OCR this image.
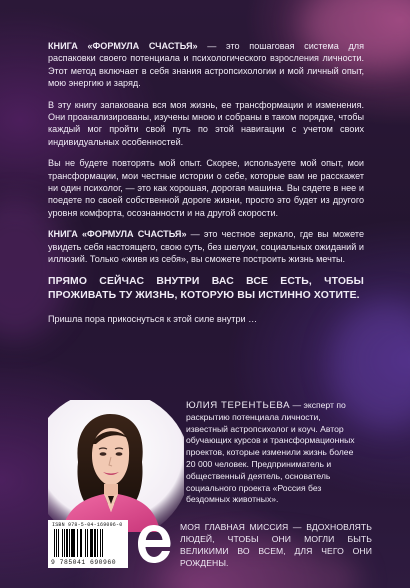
КНИГА «ФОРМУЛА СЧАСТЬЯ» — это пошаговая система для распаковки своего потенциала и психологического взросления личности. Этот метод включает в себя знания астропсихологии и мой личный опыт, мою энергию и заряд.

В эту книгу запакована вся моя жизнь, ее трансформации и изменения. Они проанализированы, изучены мною и собраны в таком порядке, чтобы каждый мог пройти свой путь по этой навигации с учетом своих индивидуальных особенностей.

Вы не будете повторять мой опыт. Скорее, используете мой опыт, мои трансформации, мои честные истории о себе, которые вам не расскажет ни один психолог, — это как хорошая, дорогая машина. Вы сядете в нее и поедете по своей собственной дороге жизни, просто это будет из другого уровня комфорта, осознанности и на другой скорости.

КНИГА «ФОРМУЛА СЧАСТЬЯ» — это честное зеркало, где вы можете увидеть себя настоящего, свою суть, без шелухи, социальных ожиданий и иллюзий. Только «живя из себя», вы сможете построить жизнь мечты.

ПРЯМО СЕЙЧАС ВНУТРИ ВАС ВСЕ ЕСТЬ, ЧТОБЫ ПРОЖИВАТЬ ТУ ЖИЗНЬ, КОТОРУЮ ВЫ ИСТИННО ХОТИТЕ.

Пришла пора прикоснуться к этой силе внутри …

ЮЛИЯ ТЕРЕНТЬЕВА — эксперт по раскрытию потенциала личности, известный астропсихолог и коуч. Автор обучающих курсов и трансформационных проектов, которые изменили жизнь более 20 000 человек. Предприниматель и общественный деятель, основатель социального проекта «Россия без бездомных животных».
ISBN 978-5-04-169096-0
9 785041 690960
МОЯ ГЛАВНАЯ МИССИЯ — ВДОХНОВЛЯТЬ ЛЮДЕЙ, ЧТОБЫ ОНИ МОГЛИ БЫТЬ ВЕЛИКИМИ ВО ВСЕМ, ДЛЯ ЧЕГО ОНИ РОЖДЕНЫ.
